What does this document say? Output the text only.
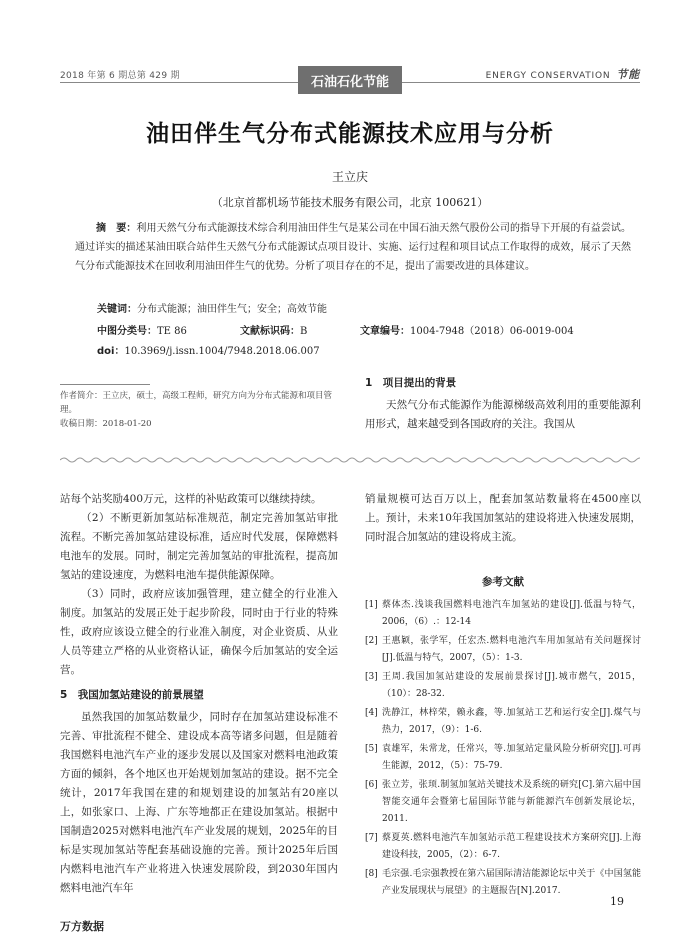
2018 年第 6 期总第 429 期	石油石化节能	ENERGY CONSERVATION 节能
油田伴生气分布式能源技术应用与分析
王立庆
（北京首都机场节能技术服务有限公司，北京 100621）
摘　要：利用天然气分布式能源技术综合利用油田伴生气是某公司在中国石油天然气股份公司的指导下开展的有益尝试。通过详实的描述某油田联合站伴生天然气分布式能源试点项目设计、实施、运行过程和项目试点工作取得的成效，展示了天然气分布式能源技术在回收利用油田伴生气的优势。分析了项目存在的不足，提出了需要改进的具体建议。
关键词：分布式能源；油田伴生气；安全；高效节能
中图分类号：TE 86	文献标识码：B	文章编号：1004-7948（2018）06-0019-004
doi：10.3969/j.issn.1004/7948.2018.06.007
作者简介：王立庆，硕士，高级工程师，研究方向为分布式能源和项目管理。
收稿日期：2018-01-20
1　项目提出的背景
天然气分布式能源作为能源梯级高效利用的重要能源利用形式，越来越受到各国政府的关注。我国从

站每个站奖励400万元，这样的补贴政策可以继续持续。

（2）不断更新加氢站标准规范，制定完善加氢站审批流程。不断完善加氢站建设标准，适应时代发展，保障燃料电池车的发展。同时，制定完善加氢站的审批流程，提高加氢站的建设速度，为燃料电池车提供能源保障。

（3）同时，政府应该加强管理，建立健全的行业准入制度。加氢站的发展正处于起步阶段，同时由于行业的特殊性，政府应该设立健全的行业准入制度，对企业资质、从业人员等建立严格的从业资格认证，确保今后加氢站的安全运营。

5　我国加氢站建设的前景展望

虽然我国的加氢站数量少，同时存在加氢站建设标准不完善、审批流程不健全、建设成本高等诸多问题，但是随着我国燃料电池汽车产业的逐步发展以及国家对燃料电池政策方面的倾斜，各个地区也开始规划加氢站的建设。据不完全统计，2017年我国在建的和规划建设的加氢站有20座以上，如张家口、上海、广东等地都正在建设加氢站。根据中国制造2025对燃料电池汽车产业发展的规划，2025年的目标是实现加氢站等配套基础设施的完善。预计2025年后国内燃料电池汽车产业将进入快速发展阶段，到2030年国内燃料电池汽车年

销量规模可达百万以上，配套加氢站数量将在4500座以上。预计，未来10年我国加氢站的建设将进入快速发展期，同时混合加氢站的建设将成主流。

参考文献
[1] 蔡体杰.浅谈我国燃料电池汽车加氢站的建设[J].低温与特气，2006，（6）.：12-14
[2] 王惠颖，张学军，任宏杰.燃料电池汽车用加氢站有关问题探讨[J].低温与特气，2007，（5）：1-3.
[3] 王周.我国加氢站建设的发展前景探讨[J].城市燃气，2015，（10）：28-32.
[4] 洗静江，林梓荣，赖永鑫，等.加氢站工艺和运行安全[J].煤气与热力，2017，（9）：1-6.
[5] 袁雄军，朱常龙，任常兴，等.加氢站定量风险分析研究[J].可再生能源，2012，（5）：75-79.
[6] 张立芳，张顼.制氢加氢站关键技术及系统的研究[C].第六届中国智能交通年会暨第七届国际节能与新能源汽车创新发展论坛，2011.
[7] 蔡夏英.燃料电池汽车加氢站示范工程建设技术方案研究[J].上海建设科技，2005，（2）：6-7.
[8] 毛宗强.毛宗强教授在第六届国际清洁能源论坛中关于《中国氢能产业发展现状与展望》的主题报告[N].2017.
19
万方数据
